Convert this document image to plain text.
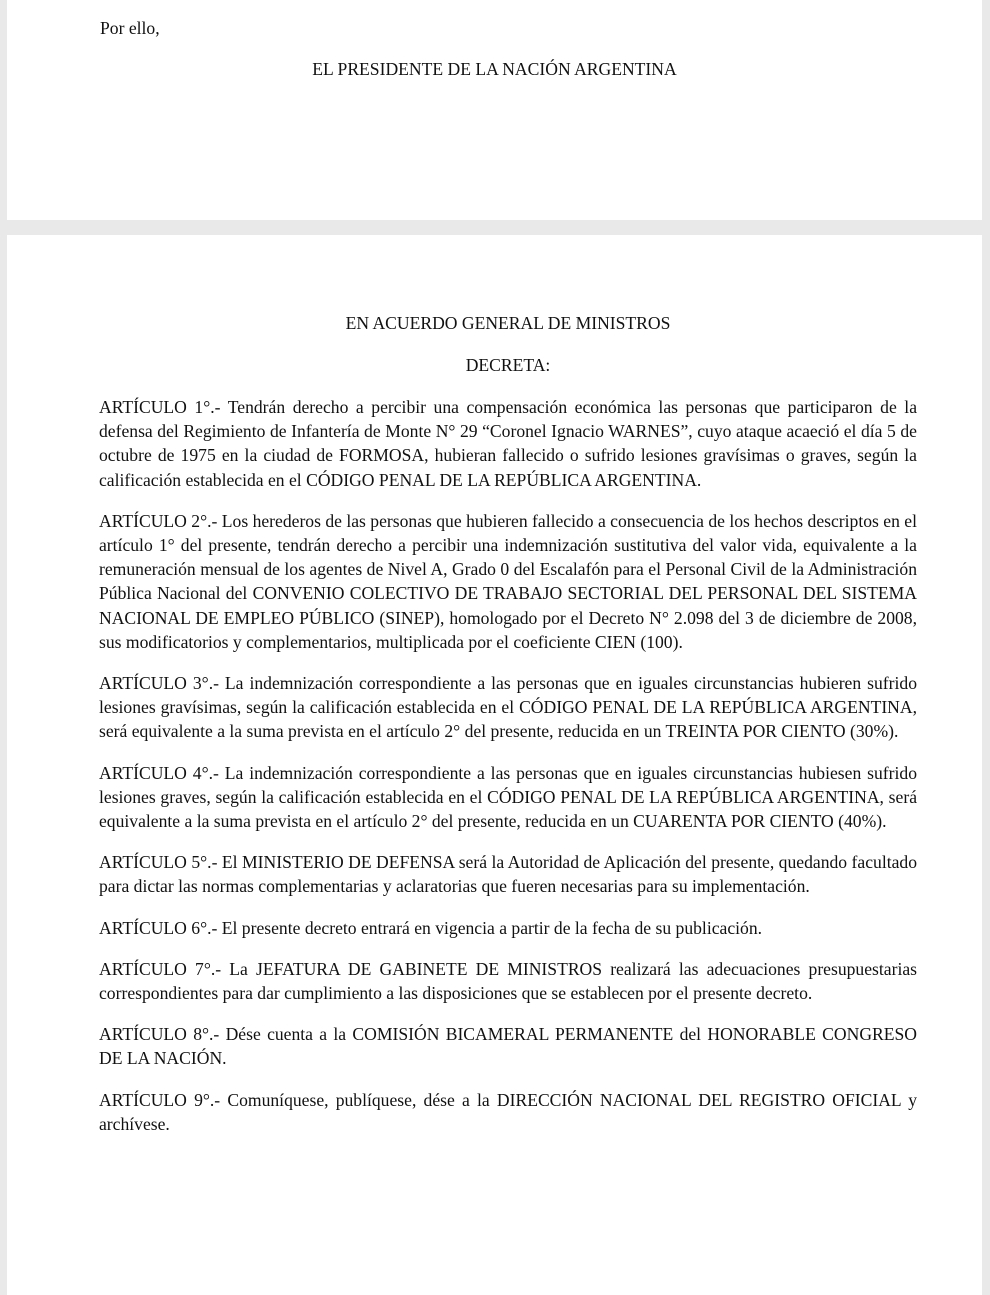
Por ello,

EL PRESIDENTE DE LA NACIÓN ARGENTINA

EN ACUERDO GENERAL DE MINISTROS

DECRETA:

ARTÍCULO 1°.- Tendrán derecho a percibir una compensación económica las personas que participaron de la defensa del Regimiento de Infantería de Monte N° 29 “Coronel Ignacio WARNES”, cuyo ataque acaeció el día 5 de octubre de 1975 en la ciudad de FORMOSA, hubieran fallecido o sufrido lesiones gravísimas o graves, según la calificación establecida en el CÓDIGO PENAL DE LA REPÚBLICA ARGENTINA.

ARTÍCULO 2°.- Los herederos de las personas que hubieren fallecido a consecuencia de los hechos descriptos en el artículo 1° del presente, tendrán derecho a percibir una indemnización sustitutiva del valor vida, equivalente a la remuneración mensual de los agentes de Nivel A, Grado 0 del Escalafón para el Personal Civil de la Administración Pública Nacional del CONVENIO COLECTIVO DE TRABAJO SECTORIAL DEL PERSONAL DEL SISTEMA NACIONAL DE EMPLEO PÚBLICO (SINEP), homologado por el Decreto N° 2.098 del 3 de diciembre de 2008, sus modificatorios y complementarios, multiplicada por el coeficiente CIEN (100).

ARTÍCULO 3°.- La indemnización correspondiente a las personas que en iguales circunstancias hubieren sufrido lesiones gravísimas, según la calificación establecida en el CÓDIGO PENAL DE LA REPÚBLICA ARGENTINA, será equivalente a la suma prevista en el artículo 2° del presente, reducida en un TREINTA POR CIENTO (30%).

ARTÍCULO 4°.- La indemnización correspondiente a las personas que en iguales circunstancias hubiesen sufrido lesiones graves, según la calificación establecida en el CÓDIGO PENAL DE LA REPÚBLICA ARGENTINA, será equivalente a la suma prevista en el artículo 2° del presente, reducida en un CUARENTA POR CIENTO (40%).

ARTÍCULO 5°.- El MINISTERIO DE DEFENSA será la Autoridad de Aplicación del presente, quedando facultado para dictar las normas complementarias y aclaratorias que fueren necesarias para su implementación.

ARTÍCULO 6°.- El presente decreto entrará en vigencia a partir de la fecha de su publicación.

ARTÍCULO 7°.- La JEFATURA DE GABINETE DE MINISTROS realizará las adecuaciones presupuestarias correspondientes para dar cumplimiento a las disposiciones que se establecen por el presente decreto.

ARTÍCULO 8°.- Dése cuenta a la COMISIÓN BICAMERAL PERMANENTE del HONORABLE CONGRESO DE LA NACIÓN.

ARTÍCULO 9°.- Comuníquese, publíquese, dése a la DIRECCIÓN NACIONAL DEL REGISTRO OFICIAL y archívese.
